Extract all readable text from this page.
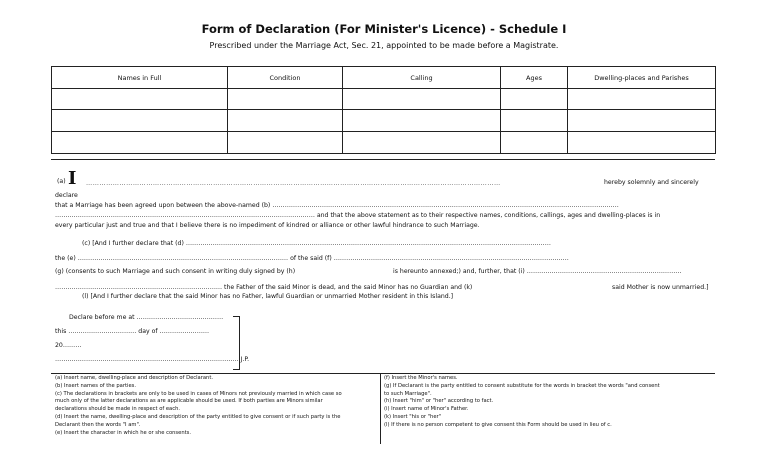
Form of Declaration (For Minister's Licence) - Schedule I
Prescribed under the Marriage Act, Sec. 21, appointed to be made before a Magistrate.
Names in Full	Condition	Calling	Ages	Dwelling-places and Parishes

(a) I ……………………………………………………………………………………………………………………………………………………………………	hereby solemnly and sincerely
declare
that a Marriage has been agreed upon between the above-named (b) ……………………………………………………………………………………………………………………………………………………
……………………………………………………………………………………………………………… and that the above statement as to their respective names, conditions, callings, ages and dwelling-places is in
every particular just and true and that I believe there is no impediment of kindred or alliance or other lawful hindrance to such Marriage.
(c) [And I further declare that (d) ……………………………………………………………………………………………………………………………………………………………
the (e) ………………………………………………………………………………………… of the said (f) ……………………………………………………………………………………………………
(g) (consents to such Marriage and such consent in writing duly signed by (h)	is hereunto annexed;) and, further, that (i) …………………………………………………………………
……………………………………………………………………… the Father of the said Minor is dead, and the said Minor has no Guardian and (k)	said Mother is now unmarried.]
(l) [And I further declare that the said Minor has no Father, lawful Guardian or unmarried Mother resident in this Island.]
Declare before me at ……………………………………
this …………………………… day of ……………………
20………
………………………………………………………………………………J.P.
(a) Insert name, dwelling-place and description of Declarant.
(b) Insert names of the parties.
(c) The declarations in brackets are only to be used in cases of Minors not previously married in which case so
much only of the latter declarations as are applicable should be used. If both parties are Minors similar
declarations should be made in respect of each.
(d) Insert the name, dwelling-place and description of the party entitled to give consent or if such party is the
Declarant then the words "I am".
(e) Insert the character in which he or she consents.
(f) Insert the Minor's names.
(g) If Declarant is the party entitled to consent substitute for the words in bracket the words "and consent
to such Marriage".
(h) Insert "him" or "her" according to fact.
(i) Insert name of Minor's Father.
(k) Insert "his or "her"
(l) If there is no person competent to give consent this Form should be used in lieu of c.
